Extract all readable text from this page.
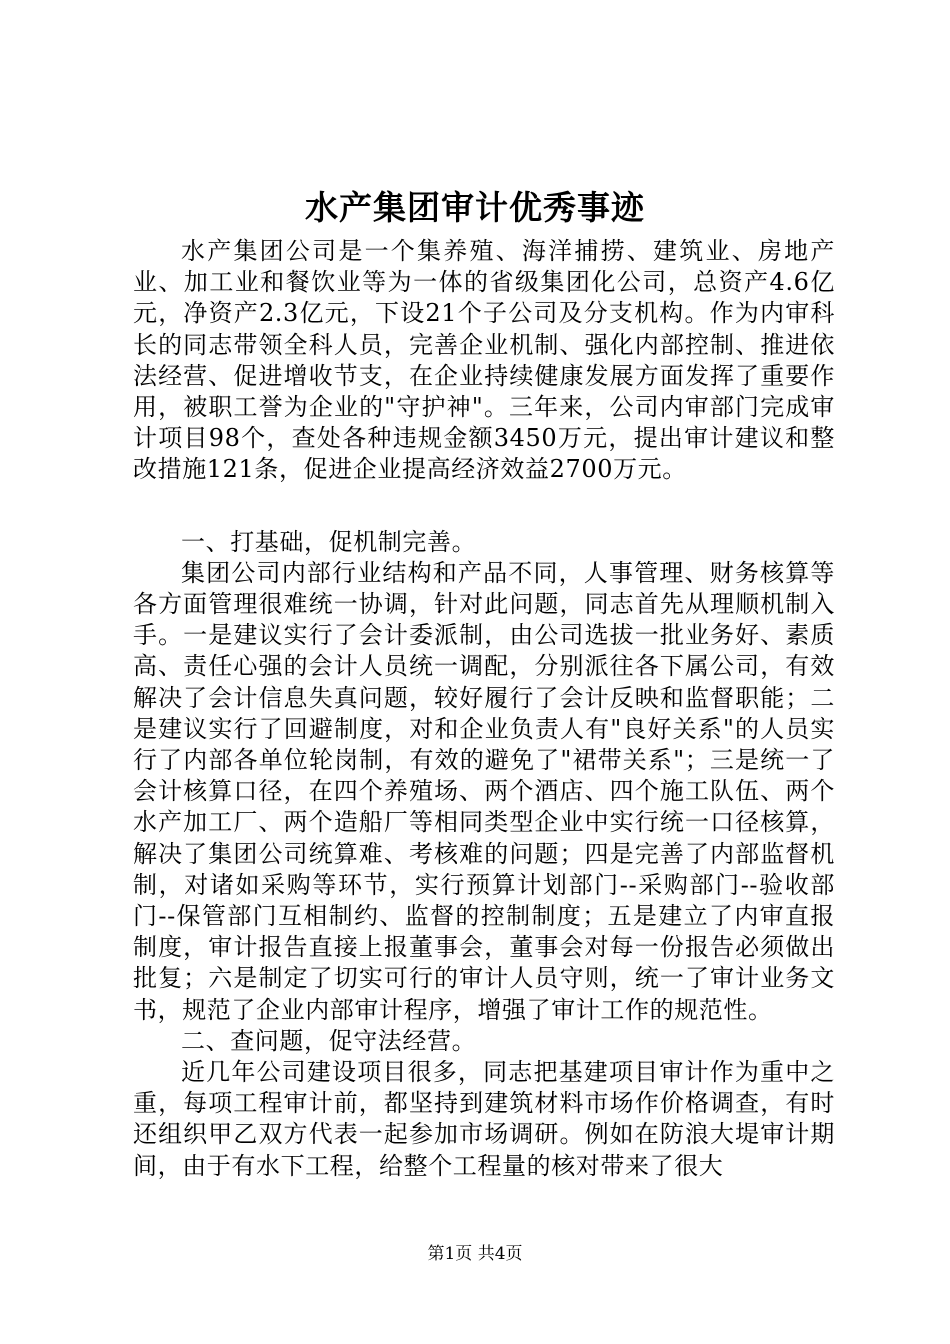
水产集团审计优秀事迹

水产集团公司是一个集养殖、海洋捕捞、建筑业、房地产业、加工业和餐饮业等为一体的省级集团化公司，总资产4.6亿元，净资产2.3亿元，下设21个子公司及分支机构。作为内审科长的同志带领全科人员，完善企业机制、强化内部控制、推进依法经营、促进增收节支，在企业持续健康发展方面发挥了重要作用，被职工誉为企业的"守护神"。三年来，公司内审部门完成审计项目98个，查处各种违规金额3450万元，提出审计建议和整改措施121条，促进企业提高经济效益2700万元。

一、打基础，促机制完善。

集团公司内部行业结构和产品不同，人事管理、财务核算等各方面管理很难统一协调，针对此问题，同志首先从理顺机制入手。一是建议实行了会计委派制，由公司选拔一批业务好、素质高、责任心强的会计人员统一调配，分别派往各下属公司，有效解决了会计信息失真问题，较好履行了会计反映和监督职能；二是建议实行了回避制度，对和企业负责人有"良好关系"的人员实行了内部各单位轮岗制，有效的避免了"裙带关系"；三是统一了会计核算口径，在四个养殖场、两个酒店、四个施工队伍、两个水产加工厂、两个造船厂等相同类型企业中实行统一口径核算，解决了集团公司统算难、考核难的问题；四是完善了内部监督机制，对诸如采购等环节，实行预算计划部门--采购部门--验收部门--保管部门互相制约、监督的控制制度；五是建立了内审直报制度，审计报告直接上报董事会，董事会对每一份报告必须做出批复；六是制定了切实可行的审计人员守则，统一了审计业务文书，规范了企业内部审计程序，增强了审计工作的规范性。

二、查问题，促守法经营。

近几年公司建设项目很多，同志把基建项目审计作为重中之重，每项工程审计前，都坚持到建筑材料市场作价格调查，有时还组织甲乙双方代表一起参加市场调研。例如在防浪大堤审计期间，由于有水下工程，给整个工程量的核对带来了很大

第1页 共4页
